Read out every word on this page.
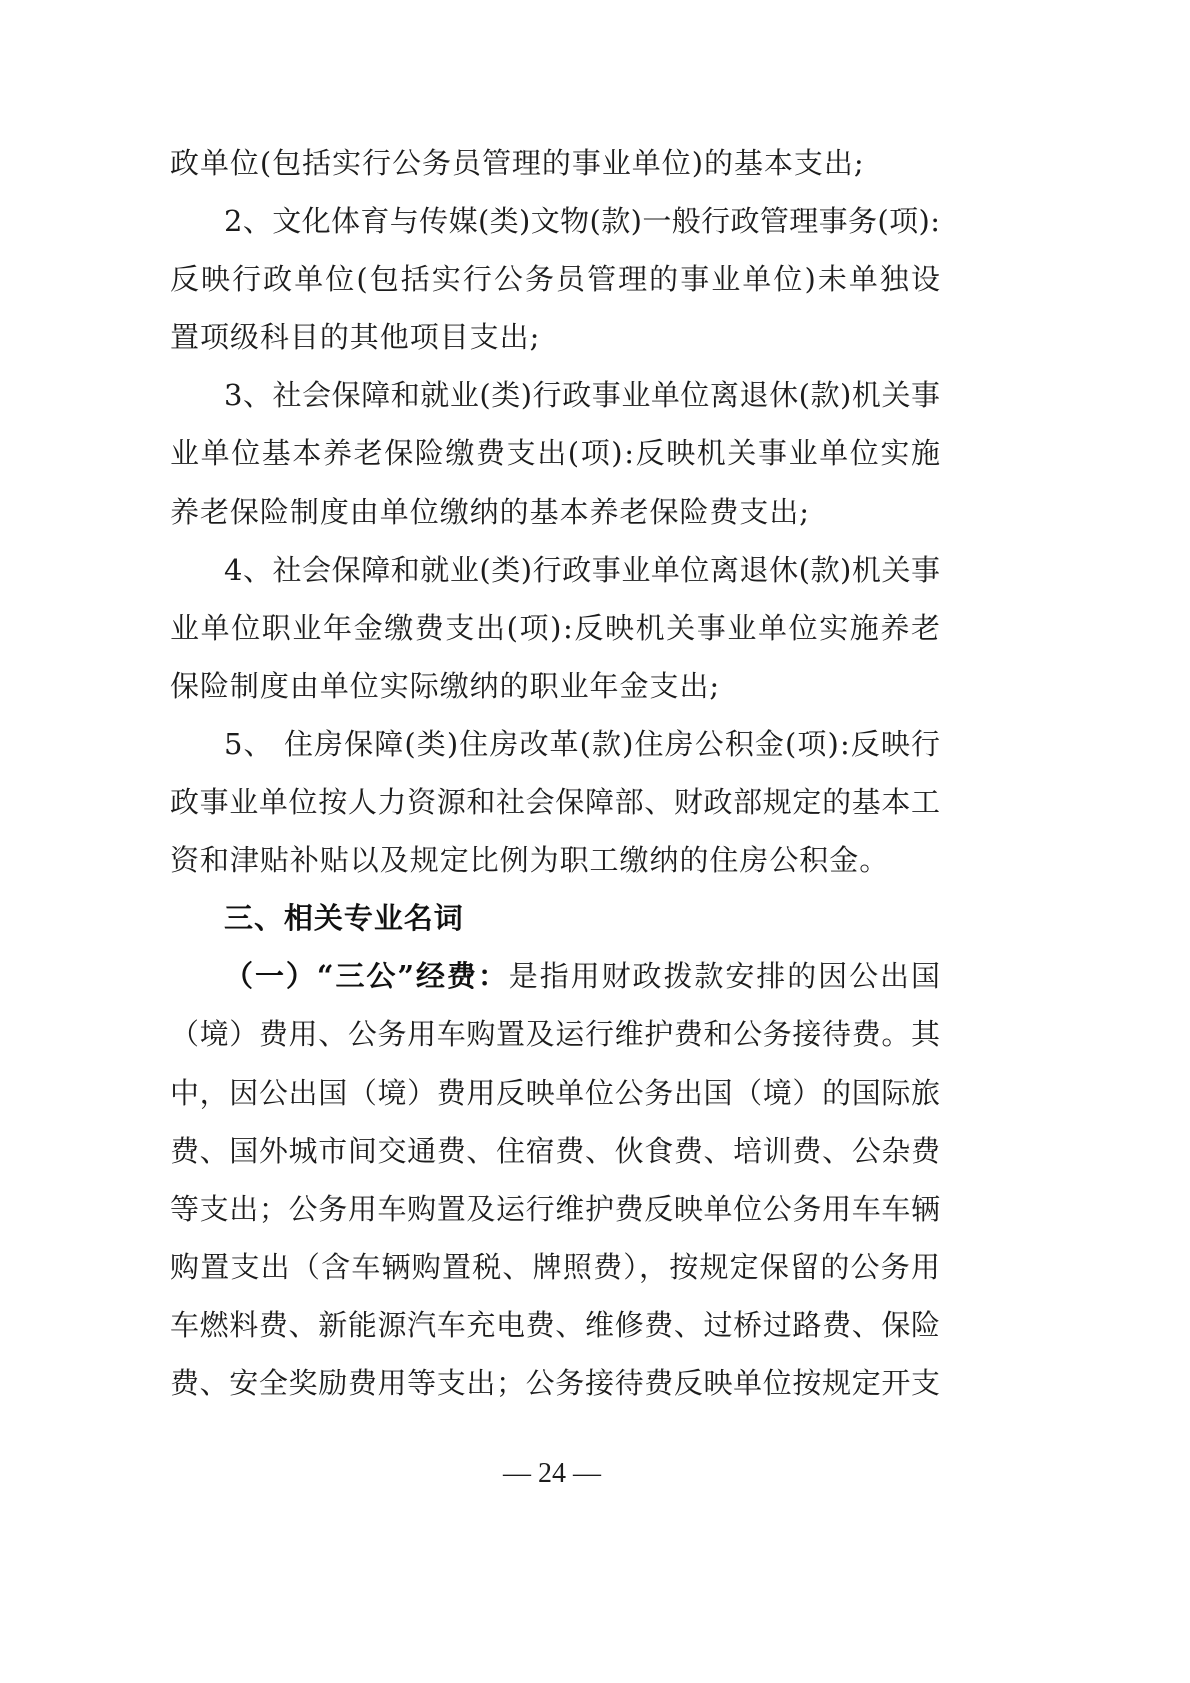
政单位(包括实行公务员管理的事业单位)的基本支出;
2、文化体育与传媒(类)文物(款)一般行政管理事务(项):
反映行政单位(包括实行公务员管理的事业单位)未单独设
置项级科目的其他项目支出;
3、社会保障和就业(类)行政事业单位离退休(款)机关事
业单位基本养老保险缴费支出(项):反映机关事业单位实施
养老保险制度由单位缴纳的基本养老保险费支出;
4、社会保障和就业(类)行政事业单位离退休(款)机关事
业单位职业年金缴费支出(项):反映机关事业单位实施养老
保险制度由单位实际缴纳的职业年金支出;
5、 住房保障(类)住房改革(款)住房公积金(项):反映行
政事业单位按人力资源和社会保障部、财政部规定的基本工
资和津贴补贴以及规定比例为职工缴纳的住房公积金。
三、相关专业名词
（一）“三公”经费：是指用财政拨款安排的因公出国
（境）费用、公务用车购置及运行维护费和公务接待费。其
中，因公出国（境）费用反映单位公务出国（境）的国际旅
费、国外城市间交通费、住宿费、伙食费、培训费、公杂费
等支出；公务用车购置及运行维护费反映单位公务用车车辆
购置支出（含车辆购置税、牌照费），按规定保留的公务用
车燃料费、新能源汽车充电费、维修费、过桥过路费、保险
费、安全奖励费用等支出；公务接待费反映单位按规定开支
— 24 —
